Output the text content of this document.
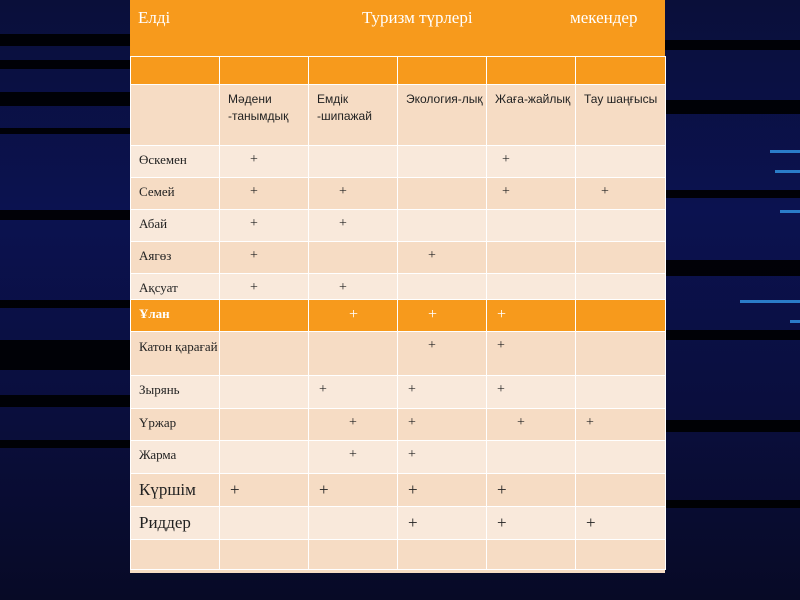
Елді	Туризм түрлері	мекендер

	Мәдени -танымдық	Емдік -шипажай	Экология-лық	Жаға-жайлық	Тау шаңғысы
Өскемен	+			+	
Семей	+	+		+	+
Абай	+	+			
Аягөз	+		+		
Ақсуат	+	+			
Ұлан		+	+	+	
Катон қарағай			+	+	
Зырянь		+	+	+	
Үржар		+	+	+	+
Жарма		+	+		
Күршім	+	+	+	+	
Риддер			+	+	+
